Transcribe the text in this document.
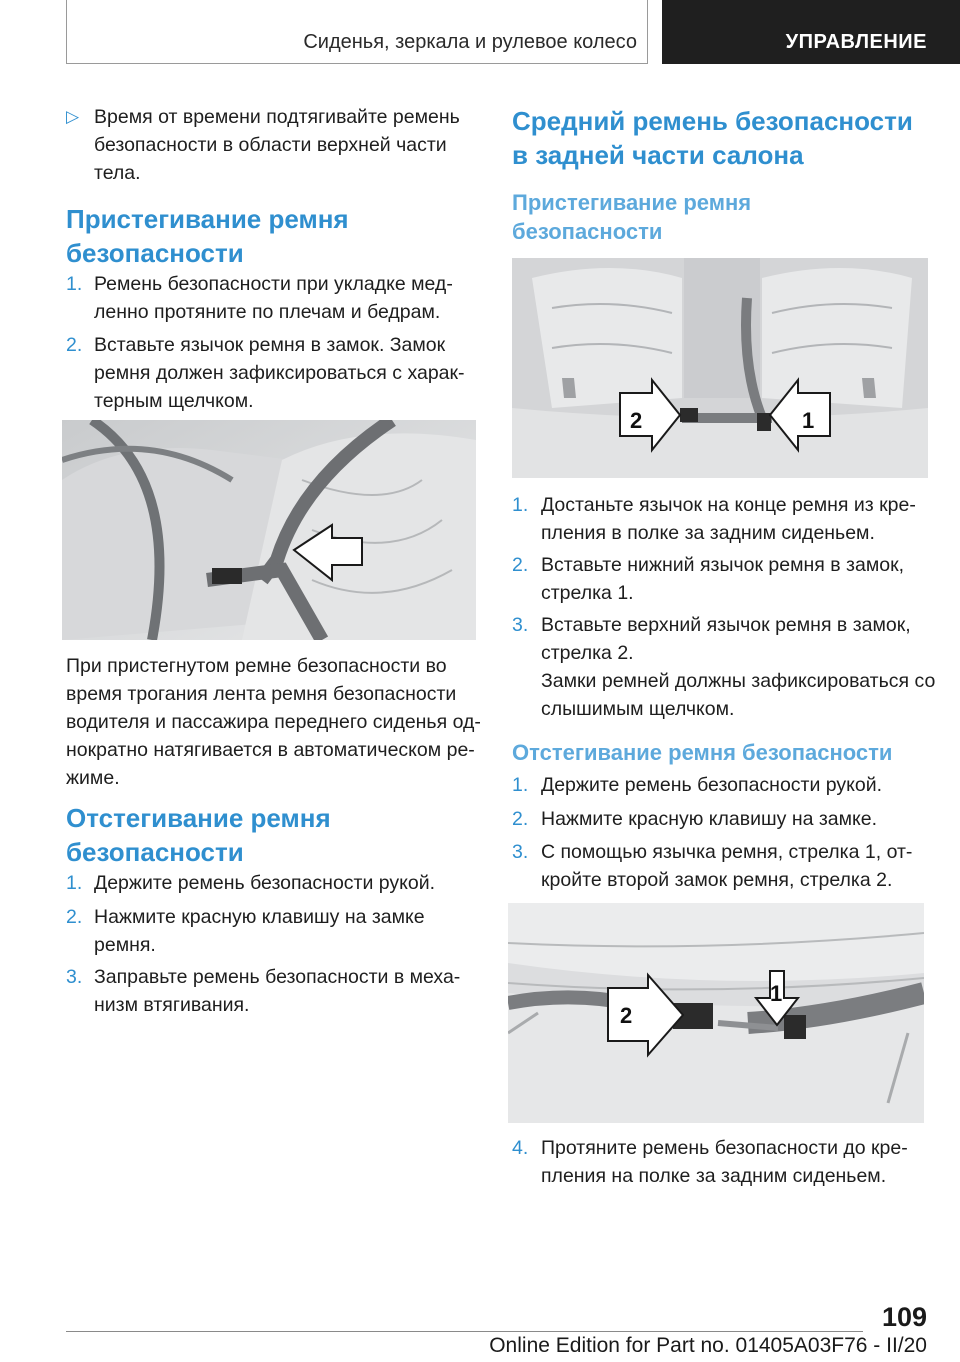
Сиденья, зеркала и рулевое колесо	УПРАВЛЕНИЕ
▷ Время от времени подтягивайте ремень

безопасности в области верхней части

тела.

Пристегивание ремня
безопасности
1. Ремень безопасности при укладке мед-

ленно протяните по плечам и бедрам.

2. Вставьте язычок ремня в замок. Замок

ремня должен зафиксироваться с харак-

терным щелчком.

При пристегнутом ремне безопасности во

время трогания лента ремня безопасности

водителя и пассажира переднего сиденья од-

нократно натягивается в автоматическом ре-

жиме.

Отстегивание ремня
безопасности
1. Держите ремень безопасности рукой.

2. Нажмите красную клавишу на замке

ремня.

3. Заправьте ремень безопасности в меха-

низм втягивания.

Средний ремень безопасности
в задней части салона
Пристегивание ремня
безопасности
2	1
1. Достаньте язычок на конце ремня из кре-

пления в полке за задним сиденьем.

2. Вставьте нижний язычок ремня в замок,

стрелка 1.

3. Вставьте верхний язычок ремня в замок,

стрелка 2.

Замки ремней должны зафиксироваться со

слышимым щелчком.

Отстегивание ремня безопасности
1. Держите ремень безопасности рукой.

2. Нажмите красную клавишу на замке.

3. С помощью язычка ремня, стрелка 1, от-

кройте второй замок ремня, стрелка 2.

1
2
4. Протяните ремень безопасности до кре-

пления на полке за задним сиденьем.

109
Online Edition for Part no. 01405A03F76 - II/20
